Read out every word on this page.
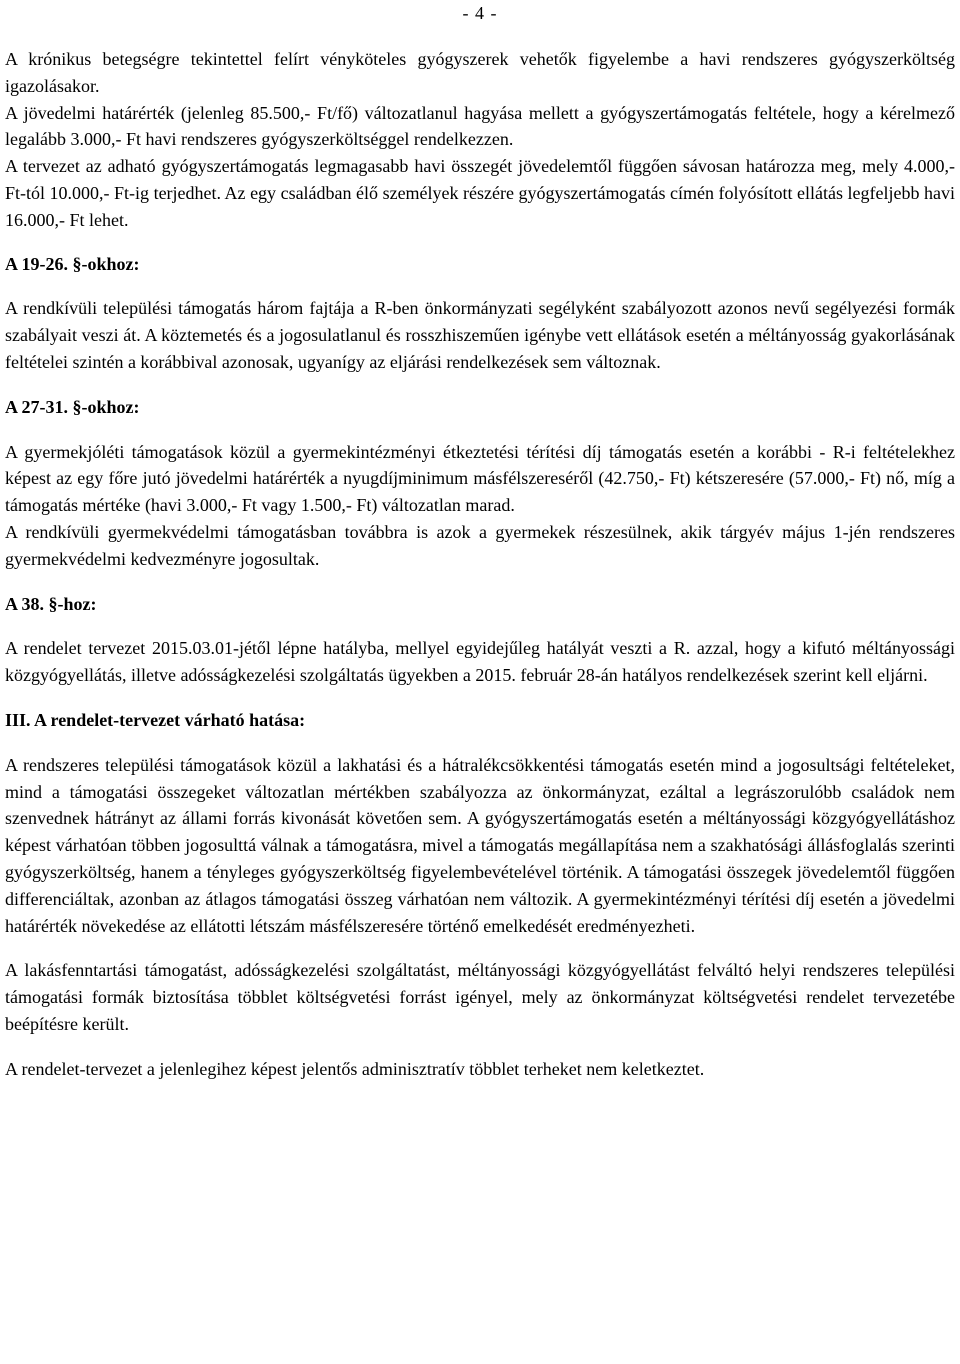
- 4 -

A krónikus betegségre tekintettel felírt vényköteles gyógyszerek vehetők figyelembe a havi rendszeres gyógyszerköltség igazolásakor.

A jövedelmi határérték (jelenleg 85.500,- Ft/fő) változatlanul hagyása mellett a gyógyszertámogatás feltétele, hogy a kérelmező legalább 3.000,- Ft havi rendszeres gyógyszerköltséggel rendelkezzen.

A tervezet az adható gyógyszertámogatás legmagasabb havi összegét jövedelemtől függően sávosan határozza meg, mely 4.000,- Ft-tól 10.000,- Ft-ig terjedhet. Az egy családban élő személyek részére gyógyszertámogatás címén folyósított ellátás legfeljebb havi 16.000,- Ft lehet.

A 19-26. §-okhoz:

A rendkívüli települési támogatás három fajtája a R-ben önkormányzati segélyként szabályozott azonos nevű segélyezési formák szabályait veszi át. A köztemetés és a jogosulatlanul és rosszhiszeműen igénybe vett ellátások esetén a méltányosság gyakorlásának feltételei szintén a korábbival azonosak, ugyanígy az eljárási rendelkezések sem változnak.

A 27-31. §-okhoz:

A gyermekjóléti támogatások közül a gyermekintézményi étkeztetési térítési díj támogatás esetén a korábbi - R-i feltételekhez képest az egy főre jutó jövedelmi határérték a nyugdíjminimum másfélszereséről (42.750,- Ft) kétszeresére (57.000,- Ft) nő, míg a támogatás mértéke (havi 3.000,- Ft vagy 1.500,- Ft) változatlan marad.

A rendkívüli gyermekvédelmi támogatásban továbbra is azok a gyermekek részesülnek, akik tárgyév május 1-jén rendszeres gyermekvédelmi kedvezményre jogosultak.

A 38. §-hoz:

A rendelet tervezet 2015.03.01-jétől lépne hatályba, mellyel egyidejűleg hatályát veszti a R. azzal, hogy a kifutó méltányossági közgyógyellátás, illetve adósságkezelési szolgáltatás ügyekben a 2015. február 28-án hatályos rendelkezések szerint kell eljárni.

III. A rendelet-tervezet várható hatása:

A rendszeres települési támogatások közül a lakhatási és a hátralékcsökkentési támogatás esetén mind a jogosultsági feltételeket, mind a támogatási összegeket változatlan mértékben szabályozza az önkormányzat, ezáltal a legrászorulóbb családok nem szenvednek hátrányt az állami forrás kivonását követően sem. A gyógyszertámogatás esetén a méltányossági közgyógyellátáshoz képest várhatóan többen jogosulttá válnak a támogatásra, mivel a támogatás megállapítása nem a szakhatósági állásfoglalás szerinti gyógyszerköltség, hanem a tényleges gyógyszerköltség figyelembevételével történik. A támogatási összegek jövedelemtől függően differenciáltak, azonban az átlagos támogatási összeg várhatóan nem változik. A gyermekintézményi térítési díj esetén a jövedelmi határérték növekedése az ellátotti létszám másfélszeresére történő emelkedését eredményezheti.

A lakásfenntartási támogatást, adósságkezelési szolgáltatást, méltányossági közgyógyellátást felváltó helyi rendszeres települési támogatási formák biztosítása többlet költségvetési forrást igényel, mely az önkormányzat költségvetési rendelet tervezetébe beépítésre került.

A rendelet-tervezet a jelenlegihez képest jelentős adminisztratív többlet terheket nem keletkeztet.
